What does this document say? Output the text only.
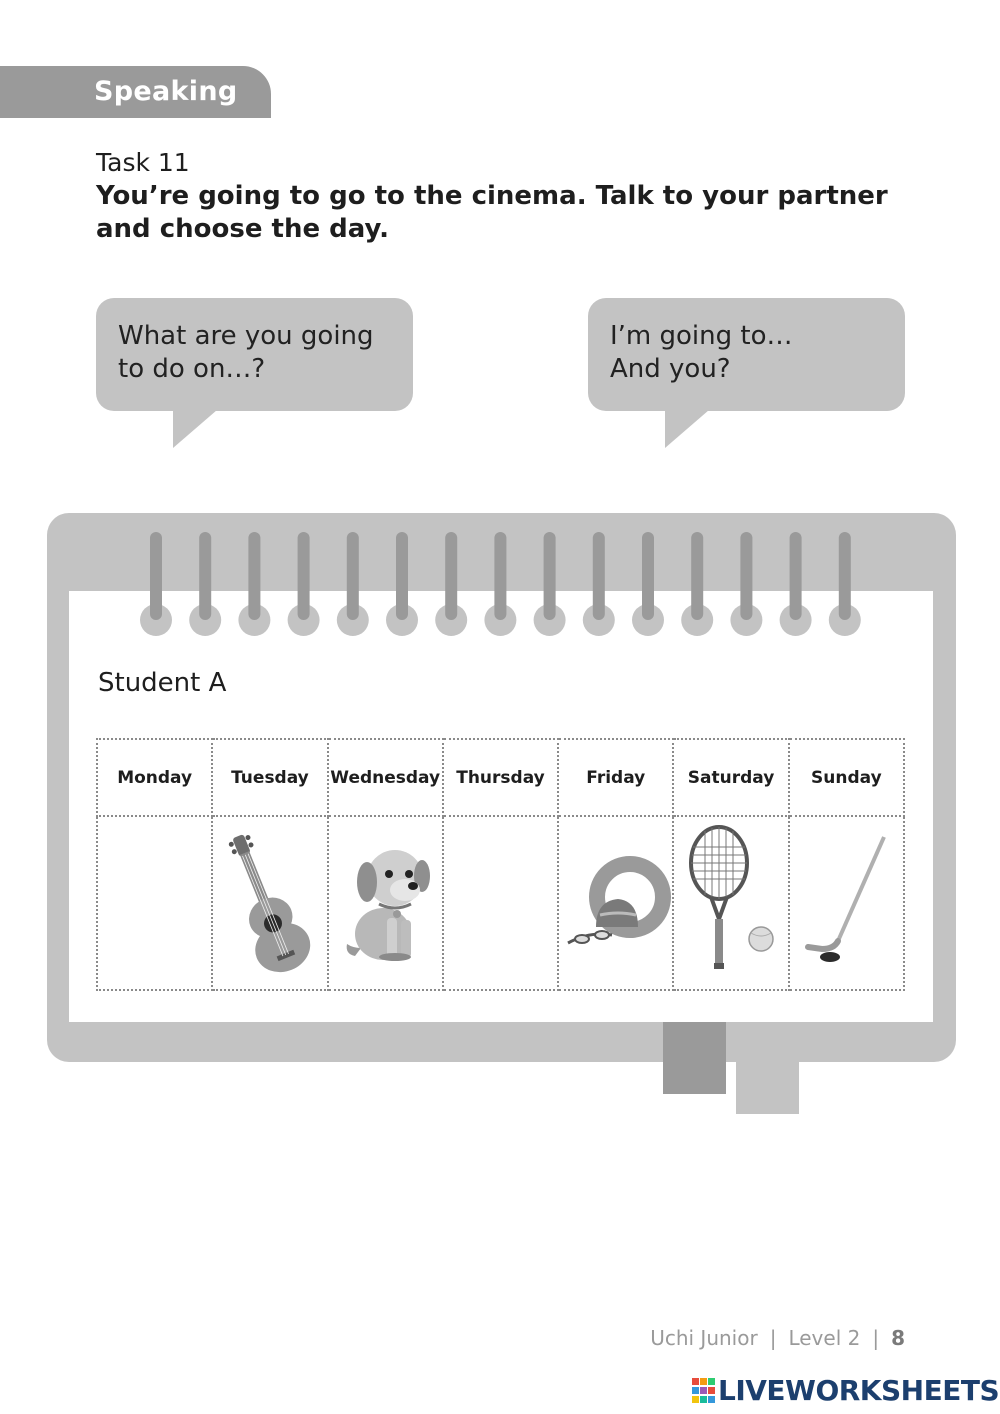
Speaking
Task 11
You’re going to go to the cinema. Talk to your partner and choose the day.
What are you going
to do on…?
I’m going to…
And you?
Student A
Monday	Tuesday	Wednesday	Thursday	Friday	Saturday	Sunday

Uchi Junior | Level 2 | 8
LIVEWORKSHEETS
